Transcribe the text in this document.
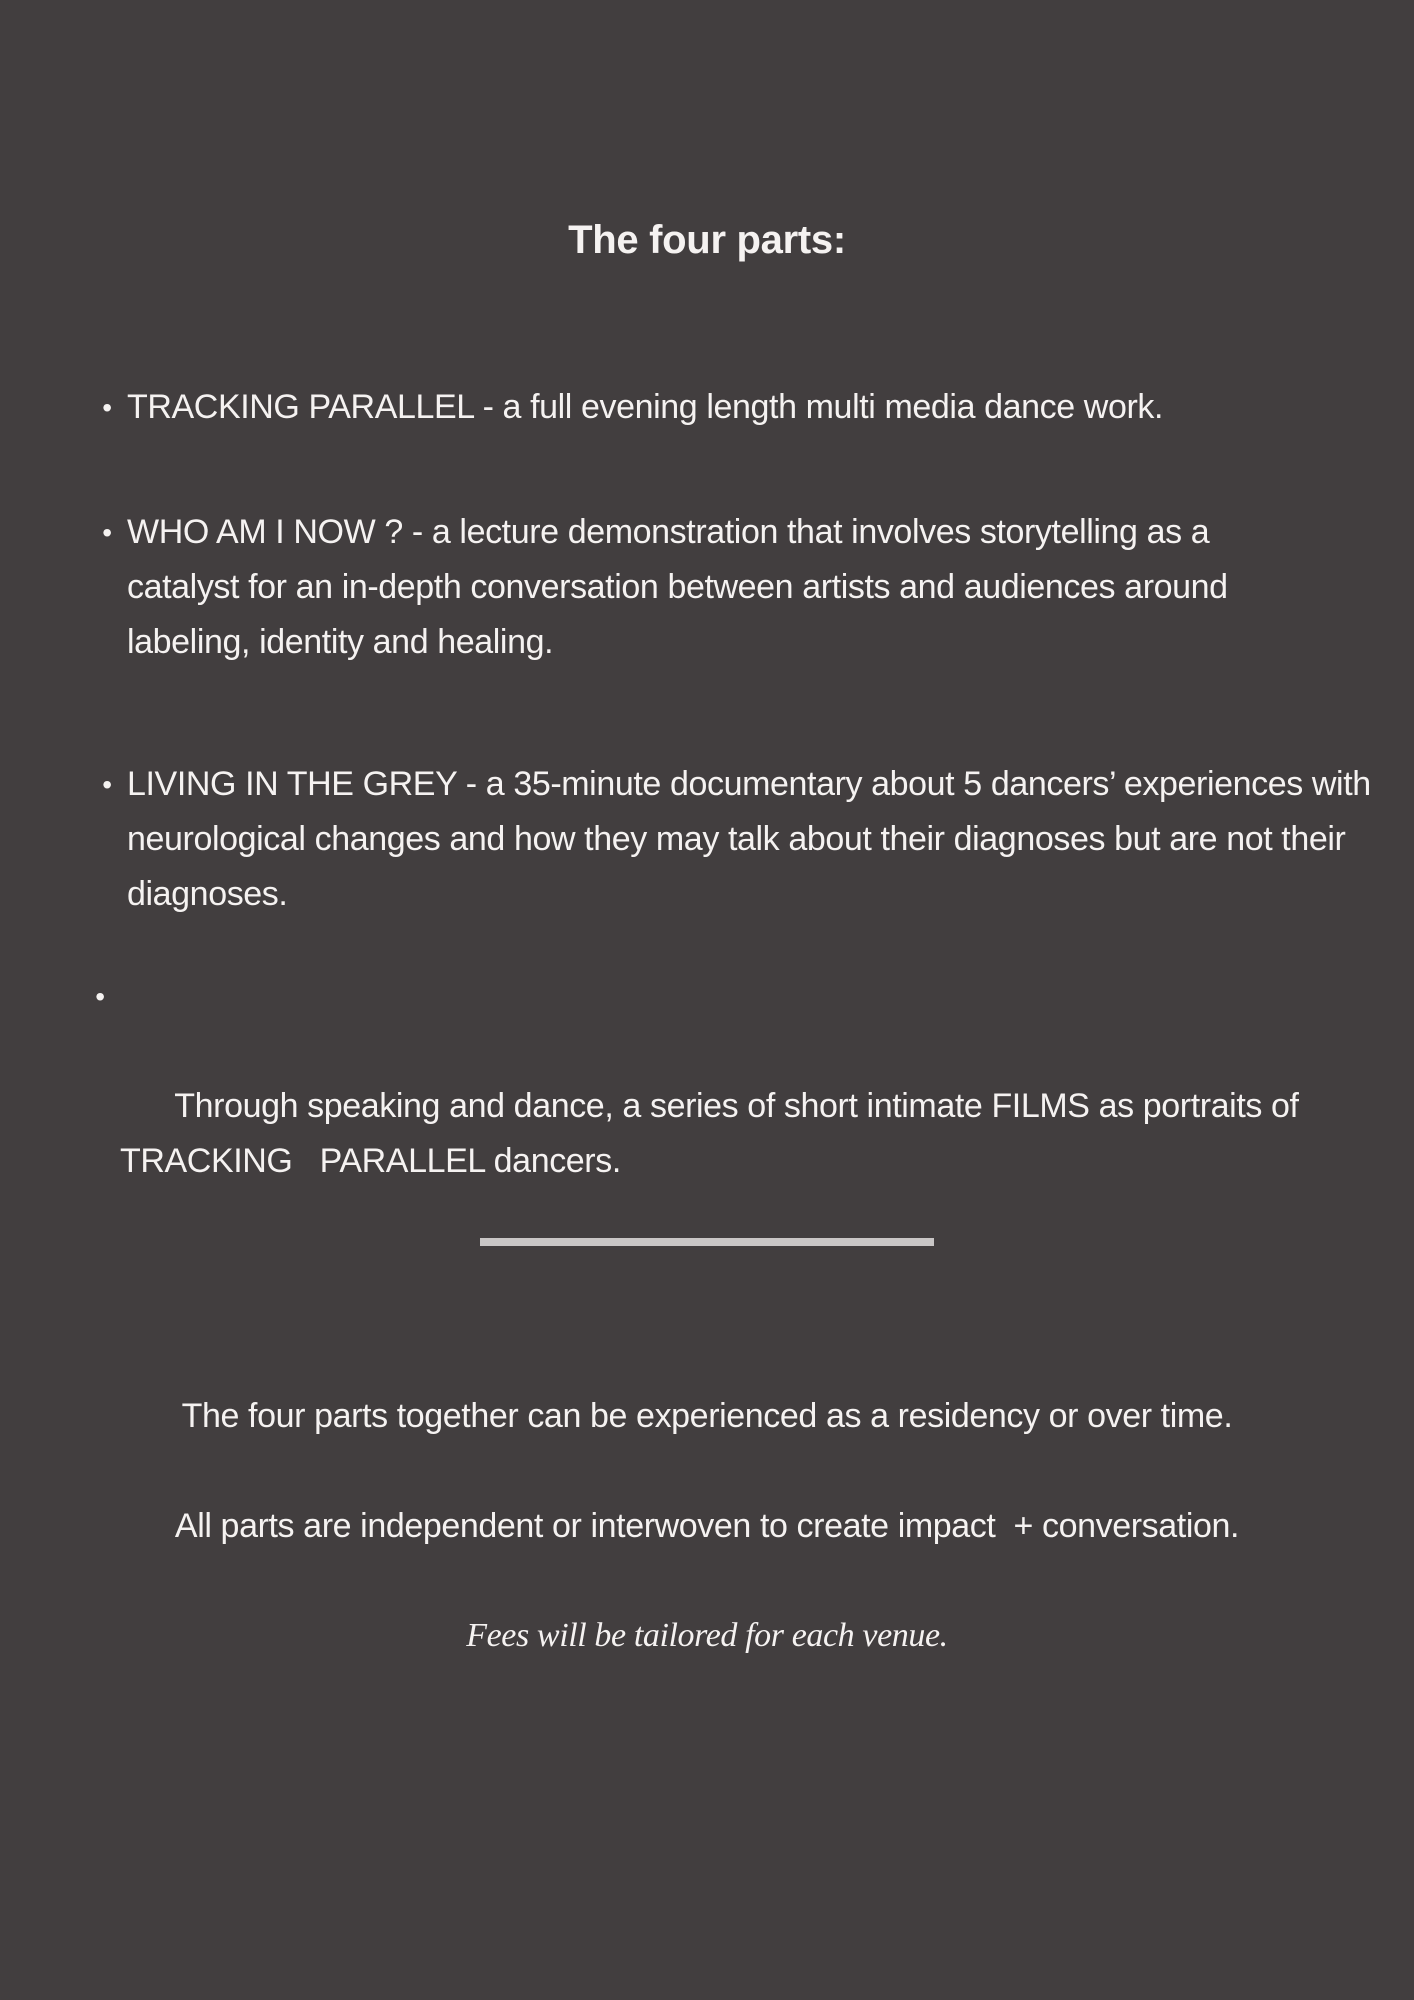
The four parts:
• TRACKING PARALLEL - a full evening length multi media dance work.
• WHO AM I NOW ? - a lecture demonstration that involves storytelling as a catalyst for an in-depth conversation between artists and audiences around labeling, identity and healing.
• LIVING IN THE GREY - a 35-minute documentary about 5 dancers’ experiences with neurological changes and how they may talk about their diagnoses but are not their diagnoses.

•

Through speaking and dance, a series of short intimate FILMS as portraits of TRACKING   PARALLEL dancers.

The four parts together can be experienced as a residency or over time.
All parts are independent or interwoven to create impact  + conversation.
Fees will be tailored for each venue.
